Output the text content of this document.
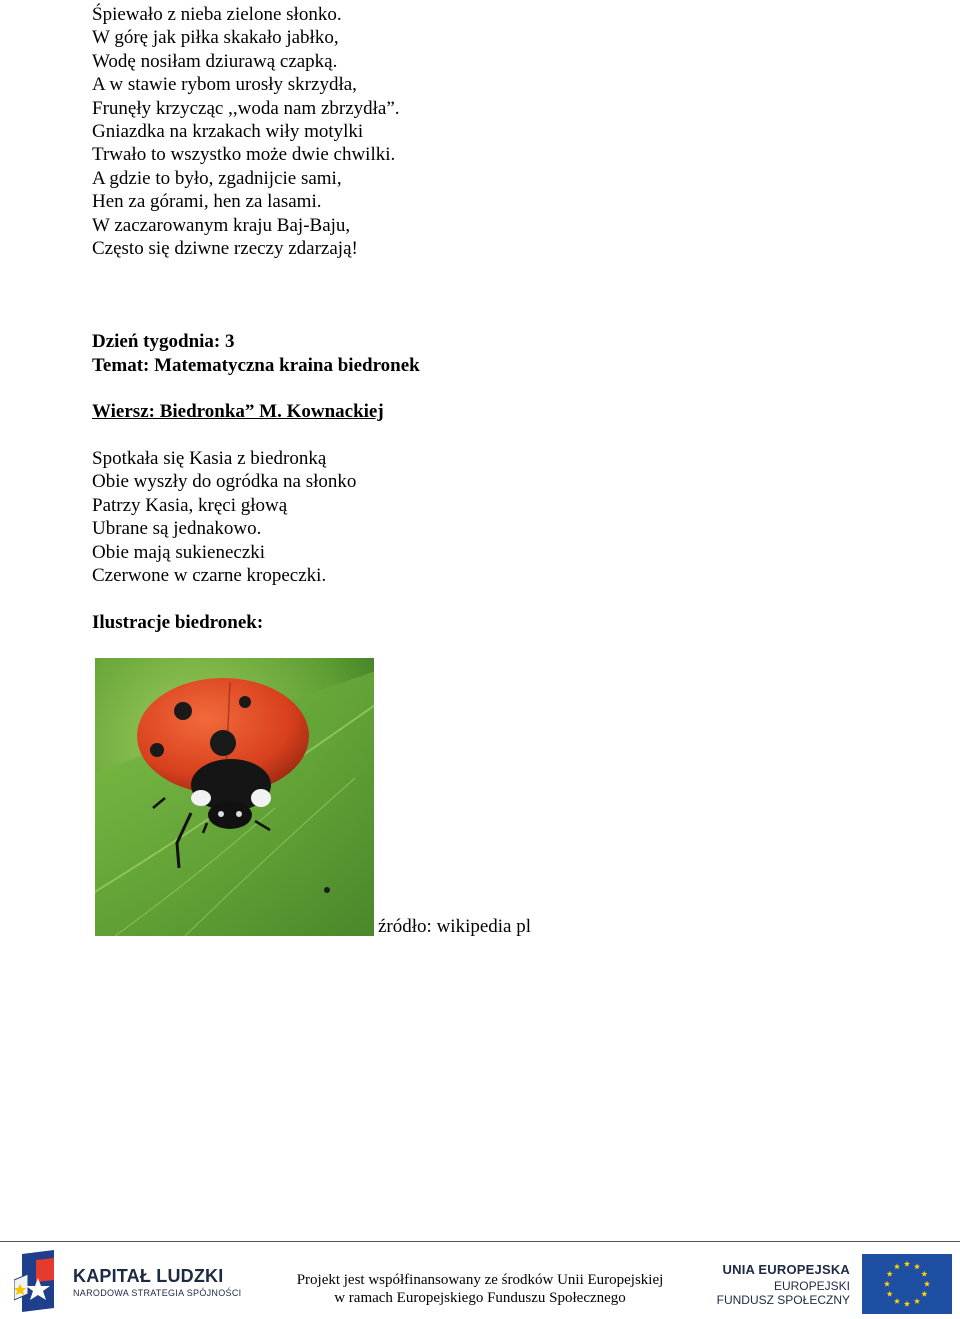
Śpiewało z nieba zielone słonko.
W górę jak piłka skakało jabłko,
Wodę nosiłam dziurawą czapką.
A w stawie rybom urosły skrzydła,
Frunęły krzycząc ,,woda nam zbrzydła”.
Gniazdka na krzakach wiły motylki
Trwało to wszystko może dwie chwilki.
A gdzie to było, zgadnijcie sami,
Hen za górami, hen za lasami.
W zaczarowanym kraju Baj-Baju,
Często się dziwne rzeczy zdarzają!
Dzień tygodnia: 3
Temat: Matematyczna kraina biedronek
Wiersz: Biedronka” M. Kownackiej
Spotkała się Kasia z biedronką
Obie wyszły do ogródka na słonko
Patrzy Kasia, kręci głową
Ubrane są jednakowo.
Obie mają sukieneczki
Czerwone w czarne kropeczki.
Ilustracje biedronek:
źródło: wikipedia pl
KAPITAŁ LUDZKI
NARODOWA STRATEGIA SPÓJNOŚCI
Projekt jest współfinansowany ze środków Unii Europejskiej
w ramach Europejskiego Funduszu Społecznego
UNIA EUROPEJSKA
EUROPEJSKI
FUNDUSZ SPOŁECZNY
